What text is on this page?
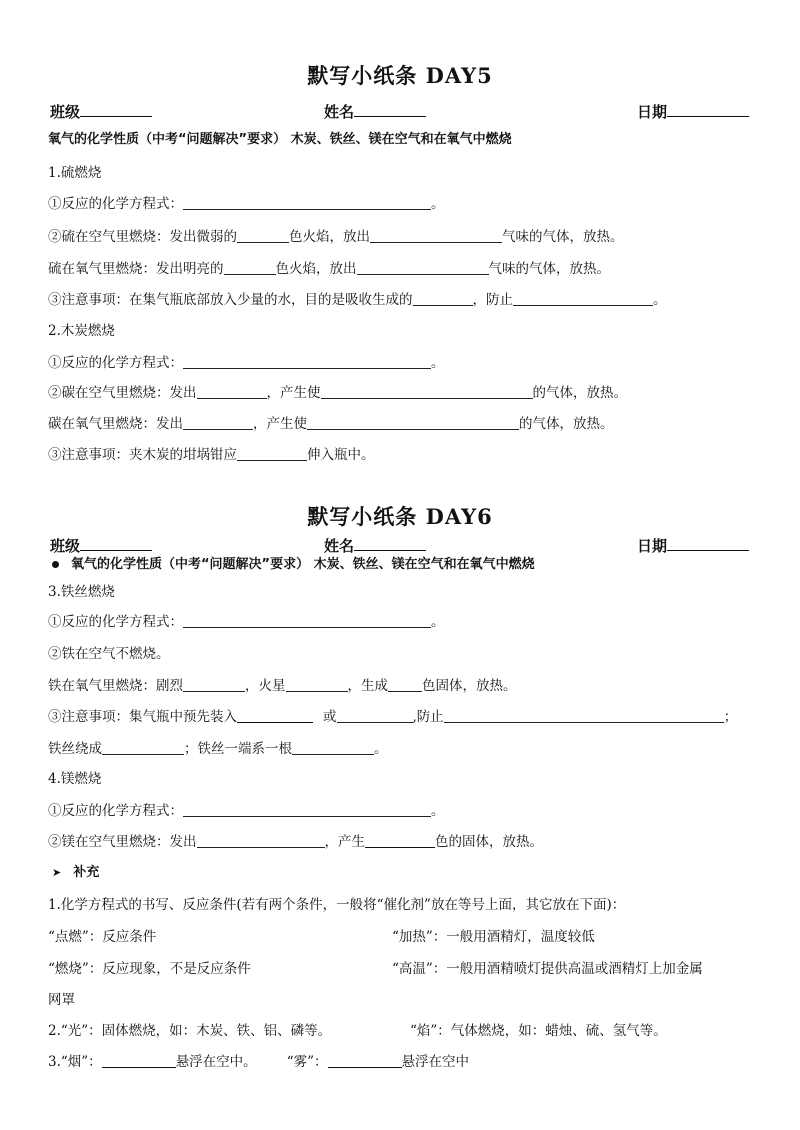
默写小纸条 DAY5
班级	姓名	日期
氧气的化学性质（中考“问题解决”要求） 木炭、铁丝、镁在空气和在氧气中燃烧
1.硫燃烧
①反应的化学方程式：	。
②硫在空气里燃烧：发出微弱的	色火焰，放出	气味的气体，放热。
硫在氧气里燃烧：发出明亮的	色火焰，放出	气味的气体，放热。
③注意事项：在集气瓶底部放入少量的水，目的是吸收生成的	，防止	。
2.木炭燃烧
①反应的化学方程式：	。
②碳在空气里燃烧：发出	，产生使	的气体，放热。
碳在氧气里燃烧：发出	，产生使	的气体，放热。
③注意事项：夹木炭的坩埚钳应	伸入瓶中。
默写小纸条 DAY6
班级	姓名	日期
氧气的化学性质（中考“问题解决”要求） 木炭、铁丝、镁在空气和在氧气中燃烧
3.铁丝燃烧
①反应的化学方程式：	。
②铁在空气不燃烧。
铁在氧气里燃烧：剧烈	，火星	，生成	色固体，放热。
③注意事项：集气瓶中预先装入	或	,防止	；
铁丝绕成	；铁丝一端系一根	。
4.镁燃烧
①反应的化学方程式：	。
②镁在空气里燃烧：发出	，产生	色的固体，放热。
➤ 补充
1.化学方程式的书写、反应条件(若有两个条件，一般将“催化剂”放在等号上面，其它放在下面)：
“点燃”：反应条件	“加热”：一般用酒精灯，温度较低
“燃烧”：反应现象，不是反应条件	“高温”：一般用酒精喷灯提供高温或酒精灯上加金属
网罩
2.“光”：固体燃烧，如：木炭、铁、铝、磷等。	“焰”：气体燃烧，如：蜡烛、硫、氢气等。
3.“烟”：	悬浮在空中。 “雾”：	悬浮在空中
